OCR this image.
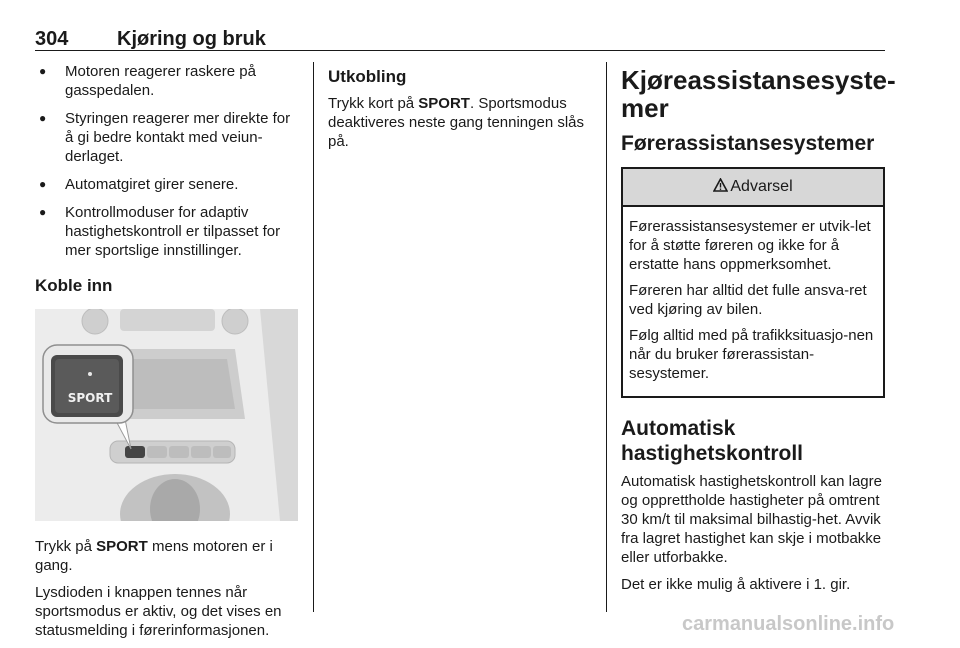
304 Kjøring og bruk
● Motoren reagerer raskere på gasspedalen.
● Styringen reagerer mer direkte for å gi bedre kontakt med veiun-derlaget.
● Automatgiret girer senere.
● Kontrollmoduser for adaptiv hastighetskontroll er tilpasset for mer sportslige innstillinger.
Koble inn
SPORT

Trykk på SPORT mens motoren er i gang.

Lysdioden i knappen tennes når sportsmodus er aktiv, og det vises en statusmelding i førerinformasjonen.

Utkobling

Trykk kort på SPORT. Sportsmodus deaktiveres neste gang tenningen slås på.

Kjøreassistansesyste-mer
Førerassistansesystemer
Advarsel

Førerassistansesystemer er utvik-let for å støtte føreren og ikke for å erstatte hans oppmerksomhet.

Føreren har alltid det fulle ansva-ret ved kjøring av bilen.

Følg alltid med på trafikksituasjo-nen når du bruker førerassistan-sesystemer.

Automatisk
hastighetskontroll

Automatisk hastighetskontroll kan lagre og opprettholde hastigheter på omtrent 30 km/t til maksimal bilhastig-het. Avvik fra lagret hastighet kan skje i motbakke eller utforbakke.

Det er ikke mulig å aktivere i 1. gir.

carmanualsonline.info
